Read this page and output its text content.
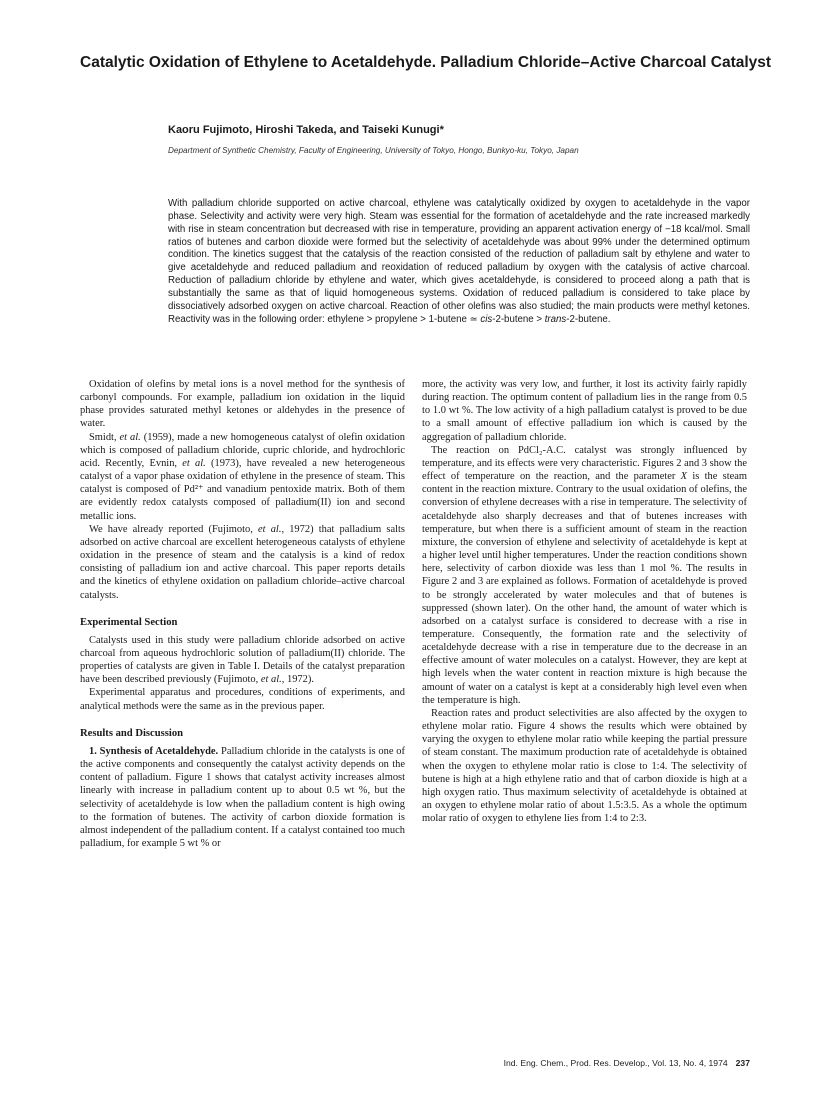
Catalytic Oxidation of Ethylene to Acetaldehyde. Palladium Chloride–Active Charcoal Catalyst
Kaoru Fujimoto, Hiroshi Takeda, and Taiseki Kunugi*
Department of Synthetic Chemistry, Faculty of Engineering, University of Tokyo, Hongo, Bunkyo-ku, Tokyo, Japan

With palladium chloride supported on active charcoal, ethylene was catalytically oxidized by oxygen to acetaldehyde in the vapor phase. Selectivity and activity were very high. Steam was essential for the formation of acetaldehyde and the rate increased markedly with rise in steam concentration but decreased with rise in temperature, providing an apparent activation energy of −18 kcal/mol. Small ratios of butenes and carbon dioxide were formed but the selectivity of acetaldehyde was about 99% under the determined optimum condition. The kinetics suggest that the catalysis of the reaction consisted of the reduction of palladium salt by ethylene and water to give acetaldehyde and reduced palladium and reoxidation of reduced palladium by oxygen with the catalysis of active charcoal. Reduction of palladium chloride by ethylene and water, which gives acetaldehyde, is considered to proceed along a path that is substantially the same as that of liquid homogeneous systems. Oxidation of reduced palladium is considered to take place by dissociatively adsorbed oxygen on active charcoal. Reaction of other olefins was also studied; the main products were methyl ketones. Reactivity was in the following order: ethylene > propylene > 1-butene ≃ cis-2-butene > trans-2-butene.

Oxidation of olefins by metal ions is a novel method for the synthesis of carbonyl compounds. For example, palladium ion oxidation in the liquid phase provides saturated methyl ketones or aldehydes in the presence of water.

Smidt, et al. (1959), made a new homogeneous catalyst of olefin oxidation which is composed of palladium chloride, cupric chloride, and hydrochloric acid. Recently, Evnin, et al. (1973), have revealed a new heterogeneous catalyst of a vapor phase oxidation of ethylene in the presence of steam. This catalyst is composed of Pd²⁺ and vanadium pentoxide matrix. Both of them are evidently redox catalysts composed of palladium(II) ion and second metallic ions.

We have already reported (Fujimoto, et al., 1972) that palladium salts adsorbed on active charcoal are excellent heterogeneous catalysts of ethylene oxidation in the presence of steam and the catalysis is a kind of redox consisting of palladium ion and active charcoal. This paper reports details and the kinetics of ethylene oxidation on palladium chloride–active charcoal catalysts.

Experimental Section

Catalysts used in this study were palladium chloride adsorbed on active charcoal from aqueous hydrochloric solution of palladium(II) chloride. The properties of catalysts are given in Table I. Details of the catalyst preparation have been described previously (Fujimoto, et al., 1972).

Experimental apparatus and procedures, conditions of experiments, and analytical methods were the same as in the previous paper.

Results and Discussion

1. Synthesis of Acetaldehyde. Palladium chloride in the catalysts is one of the active components and consequently the catalyst activity depends on the content of palladium. Figure 1 shows that catalyst activity increases almost linearly with increase in palladium content up to about 0.5 wt %, but the selectivity of acetaldehyde is low when the palladium content is high owing to the formation of butenes. The activity of carbon dioxide formation is almost independent of the palladium content. If a catalyst contained too much palladium, for example 5 wt % or

more, the activity was very low, and further, it lost its activity fairly rapidly during reaction. The optimum content of palladium lies in the range from 0.5 to 1.0 wt %. The low activity of a high palladium catalyst is proved to be due to a small amount of effective palladium ion which is caused by the aggregation of palladium chloride.

The reaction on PdCl₂-A.C. catalyst was strongly influenced by temperature, and its effects were very characteristic. Figures 2 and 3 show the effect of temperature on the reaction, and the parameter X is the steam content in the reaction mixture. Contrary to the usual oxidation of olefins, the conversion of ethylene decreases with a rise in temperature. The selectivity of acetaldehyde also sharply decreases and that of butenes increases with temperature, but when there is a sufficient amount of steam in the reaction mixture, the conversion of ethylene and selectivity of acetaldehyde is kept at a higher level until higher temperatures. Under the reaction conditions shown here, selectivity of carbon dioxide was less than 1 mol %. The results in Figure 2 and 3 are explained as follows. Formation of acetaldehyde is proved to be strongly accelerated by water molecules and that of butenes is suppressed (shown later). On the other hand, the amount of water which is adsorbed on a catalyst surface is considered to decrease with a rise in temperature. Consequently, the formation rate and the selectivity of acetaldehyde decrease with a rise in temperature due to the decrease in an effective amount of water molecules on a catalyst. However, they are kept at high levels when the water content in reaction mixture is high because the amount of water on a catalyst is kept at a considerably high level even when the temperature is high.

Reaction rates and product selectivities are also affected by the oxygen to ethylene molar ratio. Figure 4 shows the results which were obtained by varying the oxygen to ethylene molar ratio while keeping the partial pressure of steam constant. The maximum production rate of acetaldehyde is obtained when the oxygen to ethylene molar ratio is close to 1:4. The selectivity of butene is high at a high ethylene ratio and that of carbon dioxide is high at a high oxygen ratio. Thus maximum selectivity of acetaldehyde is obtained at an oxygen to ethylene molar ratio of about 1.5:3.5. As a whole the optimum molar ratio of oxygen to ethylene lies from 1:4 to 2:3.

Ind. Eng. Chem., Prod. Res. Develop., Vol. 13, No. 4, 1974 237
